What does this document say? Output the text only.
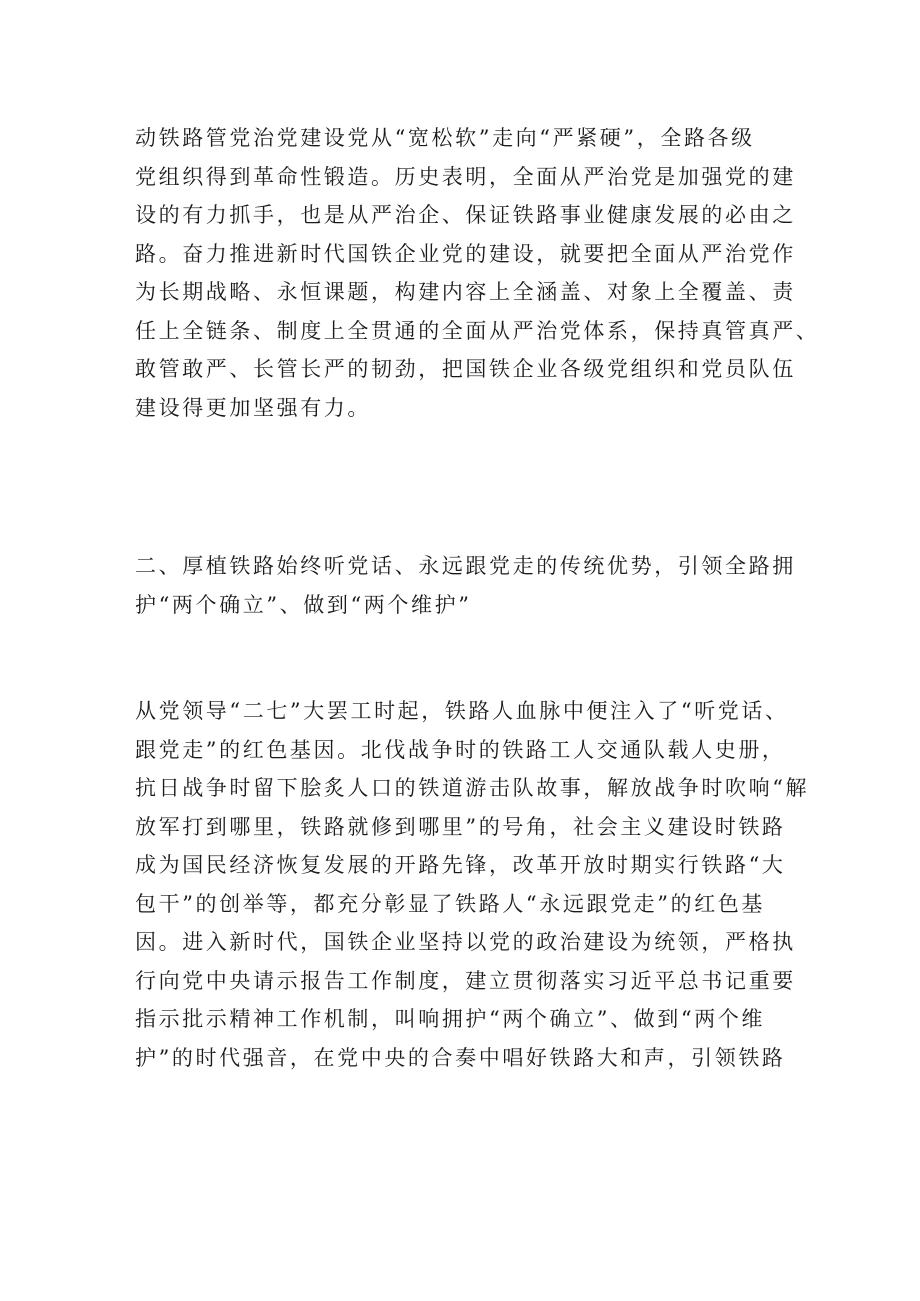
动铁路管党治党建设党从“宽松软”走向“严紧硬”，全路各级
党组织得到革命性锻造。历史表明，全面从严治党是加强党的建
设的有力抓手，也是从严治企、保证铁路事业健康发展的必由之
路。奋力推进新时代国铁企业党的建设，就要把全面从严治党作
为长期战略、永恒课题，构建内容上全涵盖、对象上全覆盖、责
任上全链条、制度上全贯通的全面从严治党体系，保持真管真严、
敢管敢严、长管长严的韧劲，把国铁企业各级党组织和党员队伍
建设得更加坚强有力。
二、厚植铁路始终听党话、永远跟党走的传统优势，引领全路拥
护“两个确立”、做到“两个维护”
从党领导“二七”大罢工时起，铁路人血脉中便注入了“听党话、
跟党走”的红色基因。北伐战争时的铁路工人交通队载人史册，
抗日战争时留下脍炙人口的铁道游击队故事，解放战争时吹响“解
放军打到哪里，铁路就修到哪里”的号角，社会主义建设时铁路
成为国民经济恢复发展的开路先锋，改革开放时期实行铁路“大
包干”的创举等，都充分彰显了铁路人“永远跟党走”的红色基
因。进入新时代，国铁企业坚持以党的政治建设为统领，严格执
行向党中央请示报告工作制度，建立贯彻落实习近平总书记重要
指示批示精神工作机制，叫响拥护“两个确立”、做到“两个维
护”的时代强音，在党中央的合奏中唱好铁路大和声，引领铁路
